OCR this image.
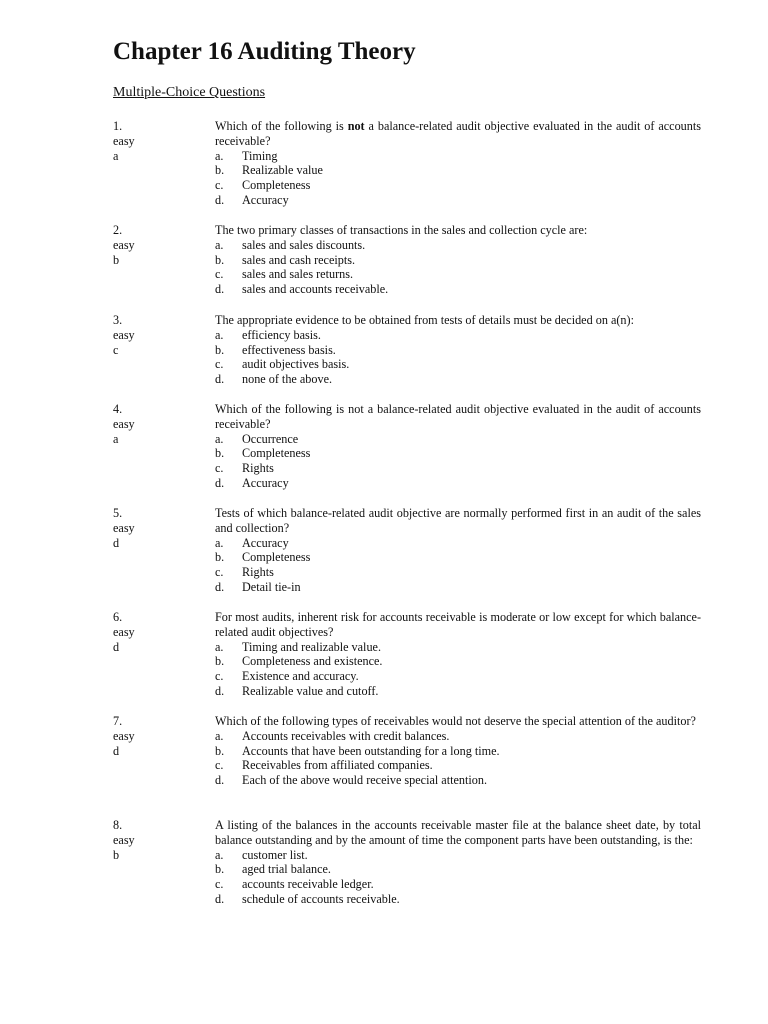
Chapter 16 Auditing Theory
Multiple-Choice Questions
1.
easy
a

Which of the following is not a balance-related audit objective evaluated in the audit of accounts receivable?

a.	Timing
b.	Realizable value
c.	Completeness
d.	Accuracy
2.
easy
b

The two primary classes of transactions in the sales and collection cycle are:

a.	sales and sales discounts.
b.	sales and cash receipts.
c.	sales and sales returns.
d.	sales and accounts receivable.
3.
easy
c

The appropriate evidence to be obtained from tests of details must be decided on a(n):

a.	efficiency basis.
b.	effectiveness basis.
c.	audit objectives basis.
d.	none of the above.
4.
easy
a

Which of the following is not a balance-related audit objective evaluated in the audit of accounts receivable?

a.	Occurrence
b.	Completeness
c.	Rights
d.	Accuracy
5.
easy
d

Tests of which balance-related audit objective are normally performed first in an audit of the sales and collection?

a.	Accuracy
b.	Completeness
c.	Rights
d.	Detail tie-in
6.
easy
d

For most audits, inherent risk for accounts receivable is moderate or low except for which balance-related audit objectives?

a.	Timing and realizable value.
b.	Completeness and existence.
c.	Existence and accuracy.
d.	Realizable value and cutoff.
7.
easy
d

Which of the following types of receivables would not deserve the special attention of the auditor?

a.	Accounts receivables with credit balances.
b.	Accounts that have been outstanding for a long time.
c.	Receivables from affiliated companies.
d.	Each of the above would receive special attention.
8.
easy
b

A listing of the balances in the accounts receivable master file at the balance sheet date, by total balance outstanding and by the amount of time the component parts have been outstanding, is the:

a.	customer list.
b.	aged trial balance.
c.	accounts receivable ledger.
d.	schedule of accounts receivable.
